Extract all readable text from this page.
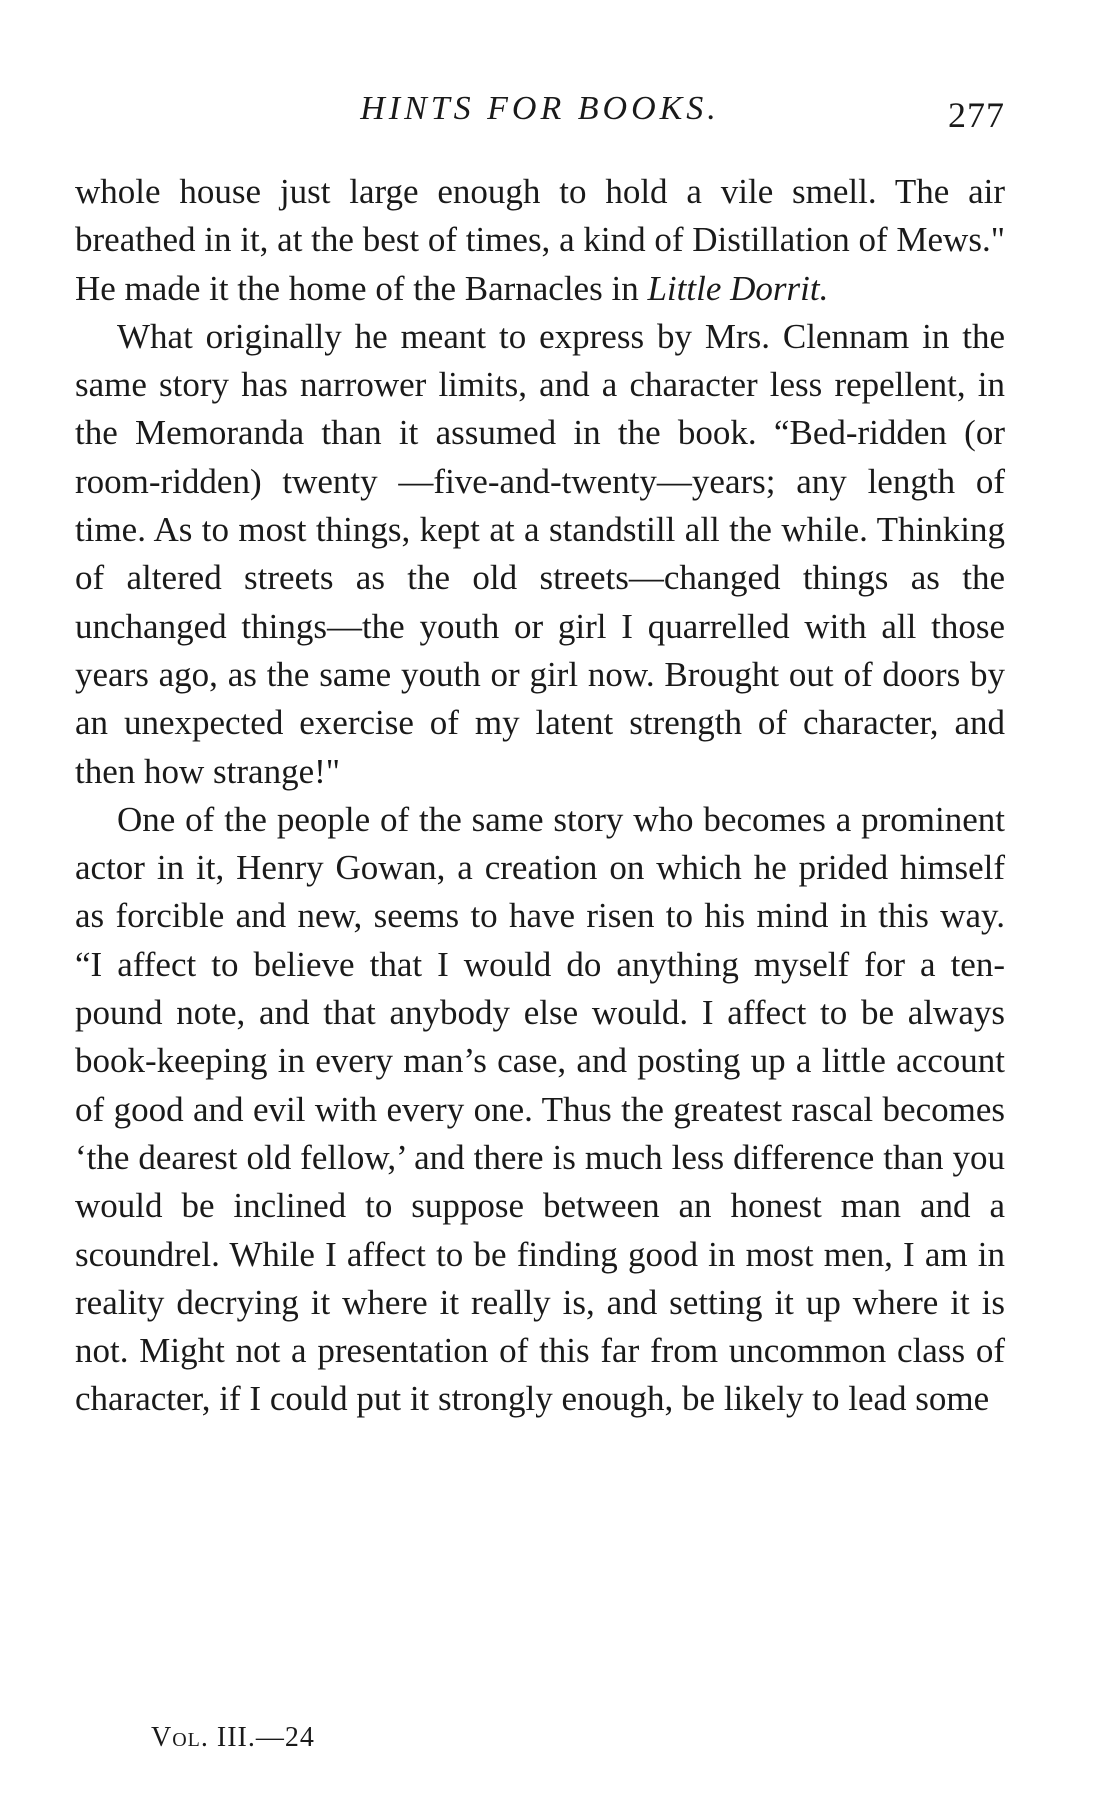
HINTS FOR BOOKS.	277

whole house just large enough to hold a vile smell. The air breathed in it, at the best of times, a kind of Distillation of Mews." He made it the home of the Barnacles in Little Dorrit.

What originally he meant to express by Mrs. Clennam in the same story has narrower limits, and a character less repellent, in the Memoranda than it assumed in the book. “Bed-ridden (or room-ridden) twenty —five-and-twenty—years; any length of time. As to most things, kept at a standstill all the while. Thinking of altered streets as the old streets—changed things as the unchanged things—the youth or girl I quarrelled with all those years ago, as the same youth or girl now. Brought out of doors by an unexpected exercise of my latent strength of character, and then how strange!"

One of the people of the same story who becomes a prominent actor in it, Henry Gowan, a creation on which he prided himself as forcible and new, seems to have risen to his mind in this way. “I affect to believe that I would do anything myself for a ten-pound note, and that anybody else would. I affect to be always book-keeping in every man’s case, and posting up a little account of good and evil with every one. Thus the greatest rascal becomes ‘the dearest old fellow,’ and there is much less difference than you would be inclined to suppose between an honest man and a scoundrel. While I affect to be finding good in most men, I am in reality decrying it where it really is, and setting it up where it is not. Might not a presentation of this far from uncommon class of character, if I could put it strongly enough, be likely to lead some

Vol. III.—24
